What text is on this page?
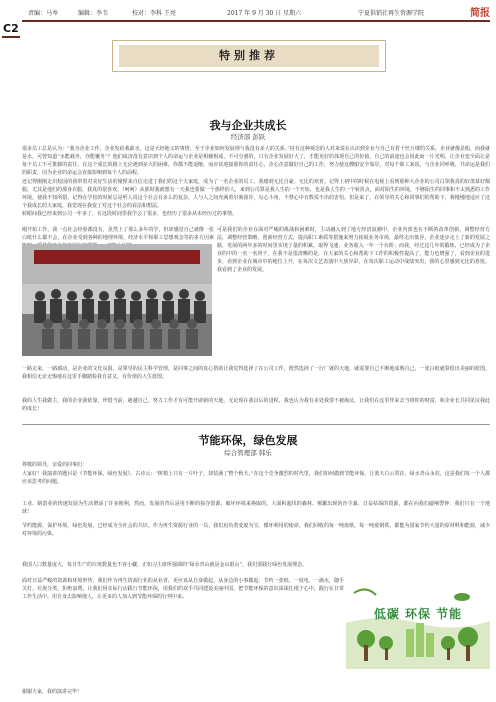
责编：马岑	编辑：李韦	校对：李科 王亮	2017 年 9 月 30 日 星期六	宁夏供销社再生资源学院	简报
C2
特别推荐
我与企业共成长
经济部 彭跃

很多员工总是认为：“我为企业工作，企业发给我薪水，这是天经地义的事情，至于企业如何发展则与我没有多大的关系。”持有这种观念的人对来说在认识到企业与自己有着千丝万缕的关系，企业就像是船，而我就是水，可曾知道“水能载舟，亦能覆舟”？他们成济没有意识到个人的命运与企业是相辅相成，不可分割的，只有企业发展好大了，才能更好的体现自己的价值，自己的前途也会因此而一片光明。让企业变全面让是每个员工不可推卸的责任，在这个成长的路上无论遇到多大的困难，你都不能退缩，而应该迎接那你的责任心，企心企意做好自己的工作，努力使这艘船安全靠岸。对每个职工来说，与企业同呼吸、共命运是我们的职责，因为企业的命运会直接影响到每个人的前程。

还记得刚刚走出校园的我带着对美好生活的憧憬来自信走进了我们的这个大家庭，成为了一名企业的员工，我感到无比自豪。无比的欢喜。记得上初中的时候在电视上看到那种大企业的公司白领我真的好羡慕好佩服，尤其是他们的那身衣服，我真的很喜欢，（呵呵）从那时我就想有一天我也要做一个那样的人，来到公司算是我人生的一个开始，也是我人生的一个转折点，面对陌生的环境，不够陌生的同事和不太熟悉的工作环境，使我不知所措。记得在学校的时候总是听人说这个社会有多么的复杂，人与人之间充满着尔虞我诈，勾心斗角，不禁心中有数说不出的害怕。但是来了，在领导的关心和同事们的帮助下，我慢慢地适应了这个我成长的大家庭，我觉现在我变了对这个社会的看法和想法。

转眼间我已经来到公司一年多了，在这段时间里我学会了很多，也经历了很多从未经历过的事情。

刚开始工作，我一点社会经验都没有，虽然上了那么多年的学，但却感觉自己就像一张白纸什么都不会，在企业受到各种的地理环境，经济水平和职工思想观念等的多方因素

可是我们的企业在面对严峻的挑战和困难时，主动融入到了地方经济浪潮中，企业内部也在不断的改革创新，调整经营方法，调整经营策略，创新经营方式，提高职工素质等措施来努力拓展业务市场，最终走出低谷，企业逐步走上了新的发展之路，发展的两年多的时间里实现了量的积累，取得飞速，业务收入一年一个台阶；而我，经过这几年的锻炼，已经成为了企业的中的一名一名骨干，在我不是很清晰的是，在大家的关心和帮助下工作的积极性提高了，能力也增强了，看到企业的进步，看到企业在城市中的地位上升，在每次文艺表演中大放异彩，在每次职工运动中成绩突出，我的心里感到无比的喜悦。我看到了企业的发展。

一路走来，一路感动，是企业的文化氛围，是领导的民主科学管理，是同事之间的真心帮助让我觉得选择了在公司工作，既然选择了一行厂就的天地，就需要自己不断地成熟自己，一张白纸就算绘出美丽的蓝图，我相信无论无悔地在这里手脚踏检我自意义，有价值的人生蓝图。

我的人生我做主，我的企业我依靠，珍惜当前，趁越自己，努力工作才有可能开辟新的天地，无论现在我以后的进程，我也认为我有多处我要不被淘汰，让我们在这里伴来去当将你的财富，和企业长共同见证我此的成长！

节能环保，绿色发展
综合管理部 韩乐

尊敬的领导，亲爱的同事们：

大家好！我演讲的题目是《节能环保，绿色发展》。古诗云：“树梢上只有一片叶子，却装满了整个秋天。”在这个竞争激烈的时代里，我们如何做到节能环保，让蓝天白云常在，绿水青山永驻，这是我们每一个人都应该思考的问题。

工业、制造业的快速发展为生活增添了许多便利，然而，发展的背后是用不断的掠夺资源、破坏环境来换取的。大面积超伐的森林、频繁出现的沙尘暴、日益枯竭的资源，都在向我们敲响警钟：我们只有一个地球！

节约能源，保护环境，绿色发展，已经成为全社会的共识。作为再生资源行业的一员，我们肩负着变废为宝、循环利用的使命。我们回收的每一吨废纸、每一吨废钢铁，都能为国家节约大量的原材料和能源，减少对环境的污染。

我国人口数量庞大，每日生产的垃圾数量也不容小觑，正如习主席所强调的“绿水青山就是金山银山”，我们要践行绿色发展理念。

面对日益严峻的资源和环境形势，我们作为再生资源行业的从业者，更应该从自身做起，从身边的小事做起：节约一张纸、一度电、一滴水，随手关灯，垃圾分类，拒绝浪费。让我们用实际行动践行节能环保，用我们的双手共同建设美丽中国，把节能环保的意识深深扎根于心中，践行在日常工作生活中。用自身去影响他人，让更多的人加入到节能环保的行列中来。

低碳 环保 节能

谢谢大家，我的演讲完毕！
